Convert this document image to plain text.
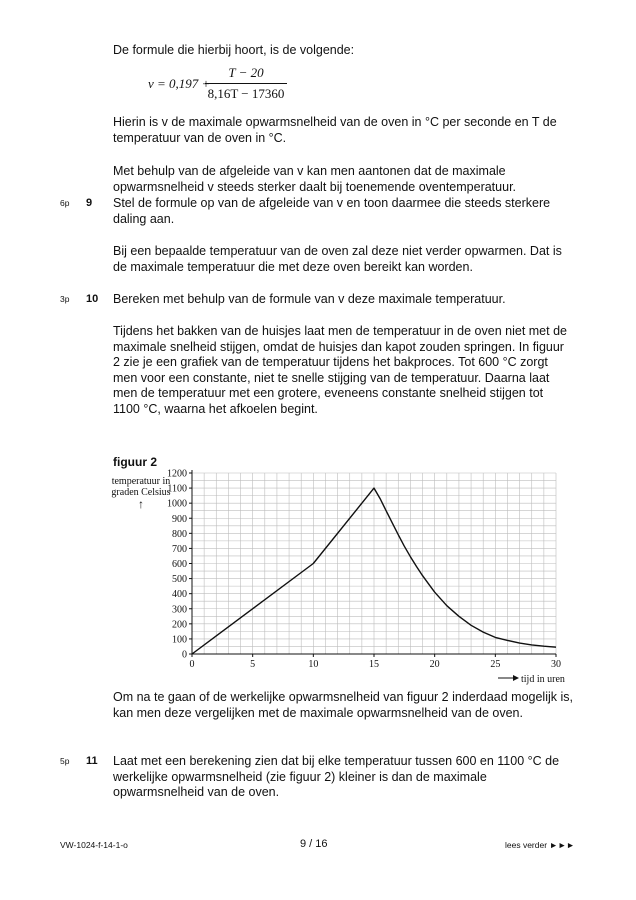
De formule die hierbij hoort, is de volgende:

v = 0,197 +
$\frac{T - 20}{8,16T - 17360}$

Hierin is v de maximale opwarmsnelheid van de oven in °C per seconde en T de temperatuur van de oven in °C.

Met behulp van de afgeleide van v kan men aantonen dat de maximale opwarmsnelheid v steeds sterker daalt bij toenemende oventemperatuur.

6p 9 Stel de formule op van de afgeleide van v en toon daarmee die steeds sterkere daling aan.

Bij een bepaalde temperatuur van de oven zal deze niet verder opwarmen. Dat is de maximale temperatuur die met deze oven bereikt kan worden.

3p 10 Bereken met behulp van de formule van v deze maximale temperatuur.

Tijdens het bakken van de huisjes laat men de temperatuur in de oven niet met de maximale snelheid stijgen, omdat de huisjes dan kapot zouden springen. In figuur 2 zie je een grafiek van de temperatuur tijdens het bakproces. Tot 600 °C zorgt men voor een constante, niet te snelle stijging van de temperatuur. Daarna laat men de temperatuur met een grotere, eveneens constante snelheid stijgen tot 1100 °C, waarna het afkoelen begint.

figuur 2
temperatuur in graden Celsius
↑
0
100
200
300
400
500
600
700
800
900
1000
1100
1200
0	5	10	15	20	25	30
tijd in uren

Om na te gaan of de werkelijke opwarmsnelheid van figuur 2 inderdaad mogelijk is, kan men deze vergelijken met de maximale opwarmsnelheid van de oven.

5p 11 Laat met een berekening zien dat bij elke temperatuur tussen 600 en 1100 °C de werkelijke opwarmsnelheid (zie figuur 2) kleiner is dan de maximale opwarmsnelheid van de oven.

VW-1024-f-14-1-o	9 / 16	lees verder ►►►
